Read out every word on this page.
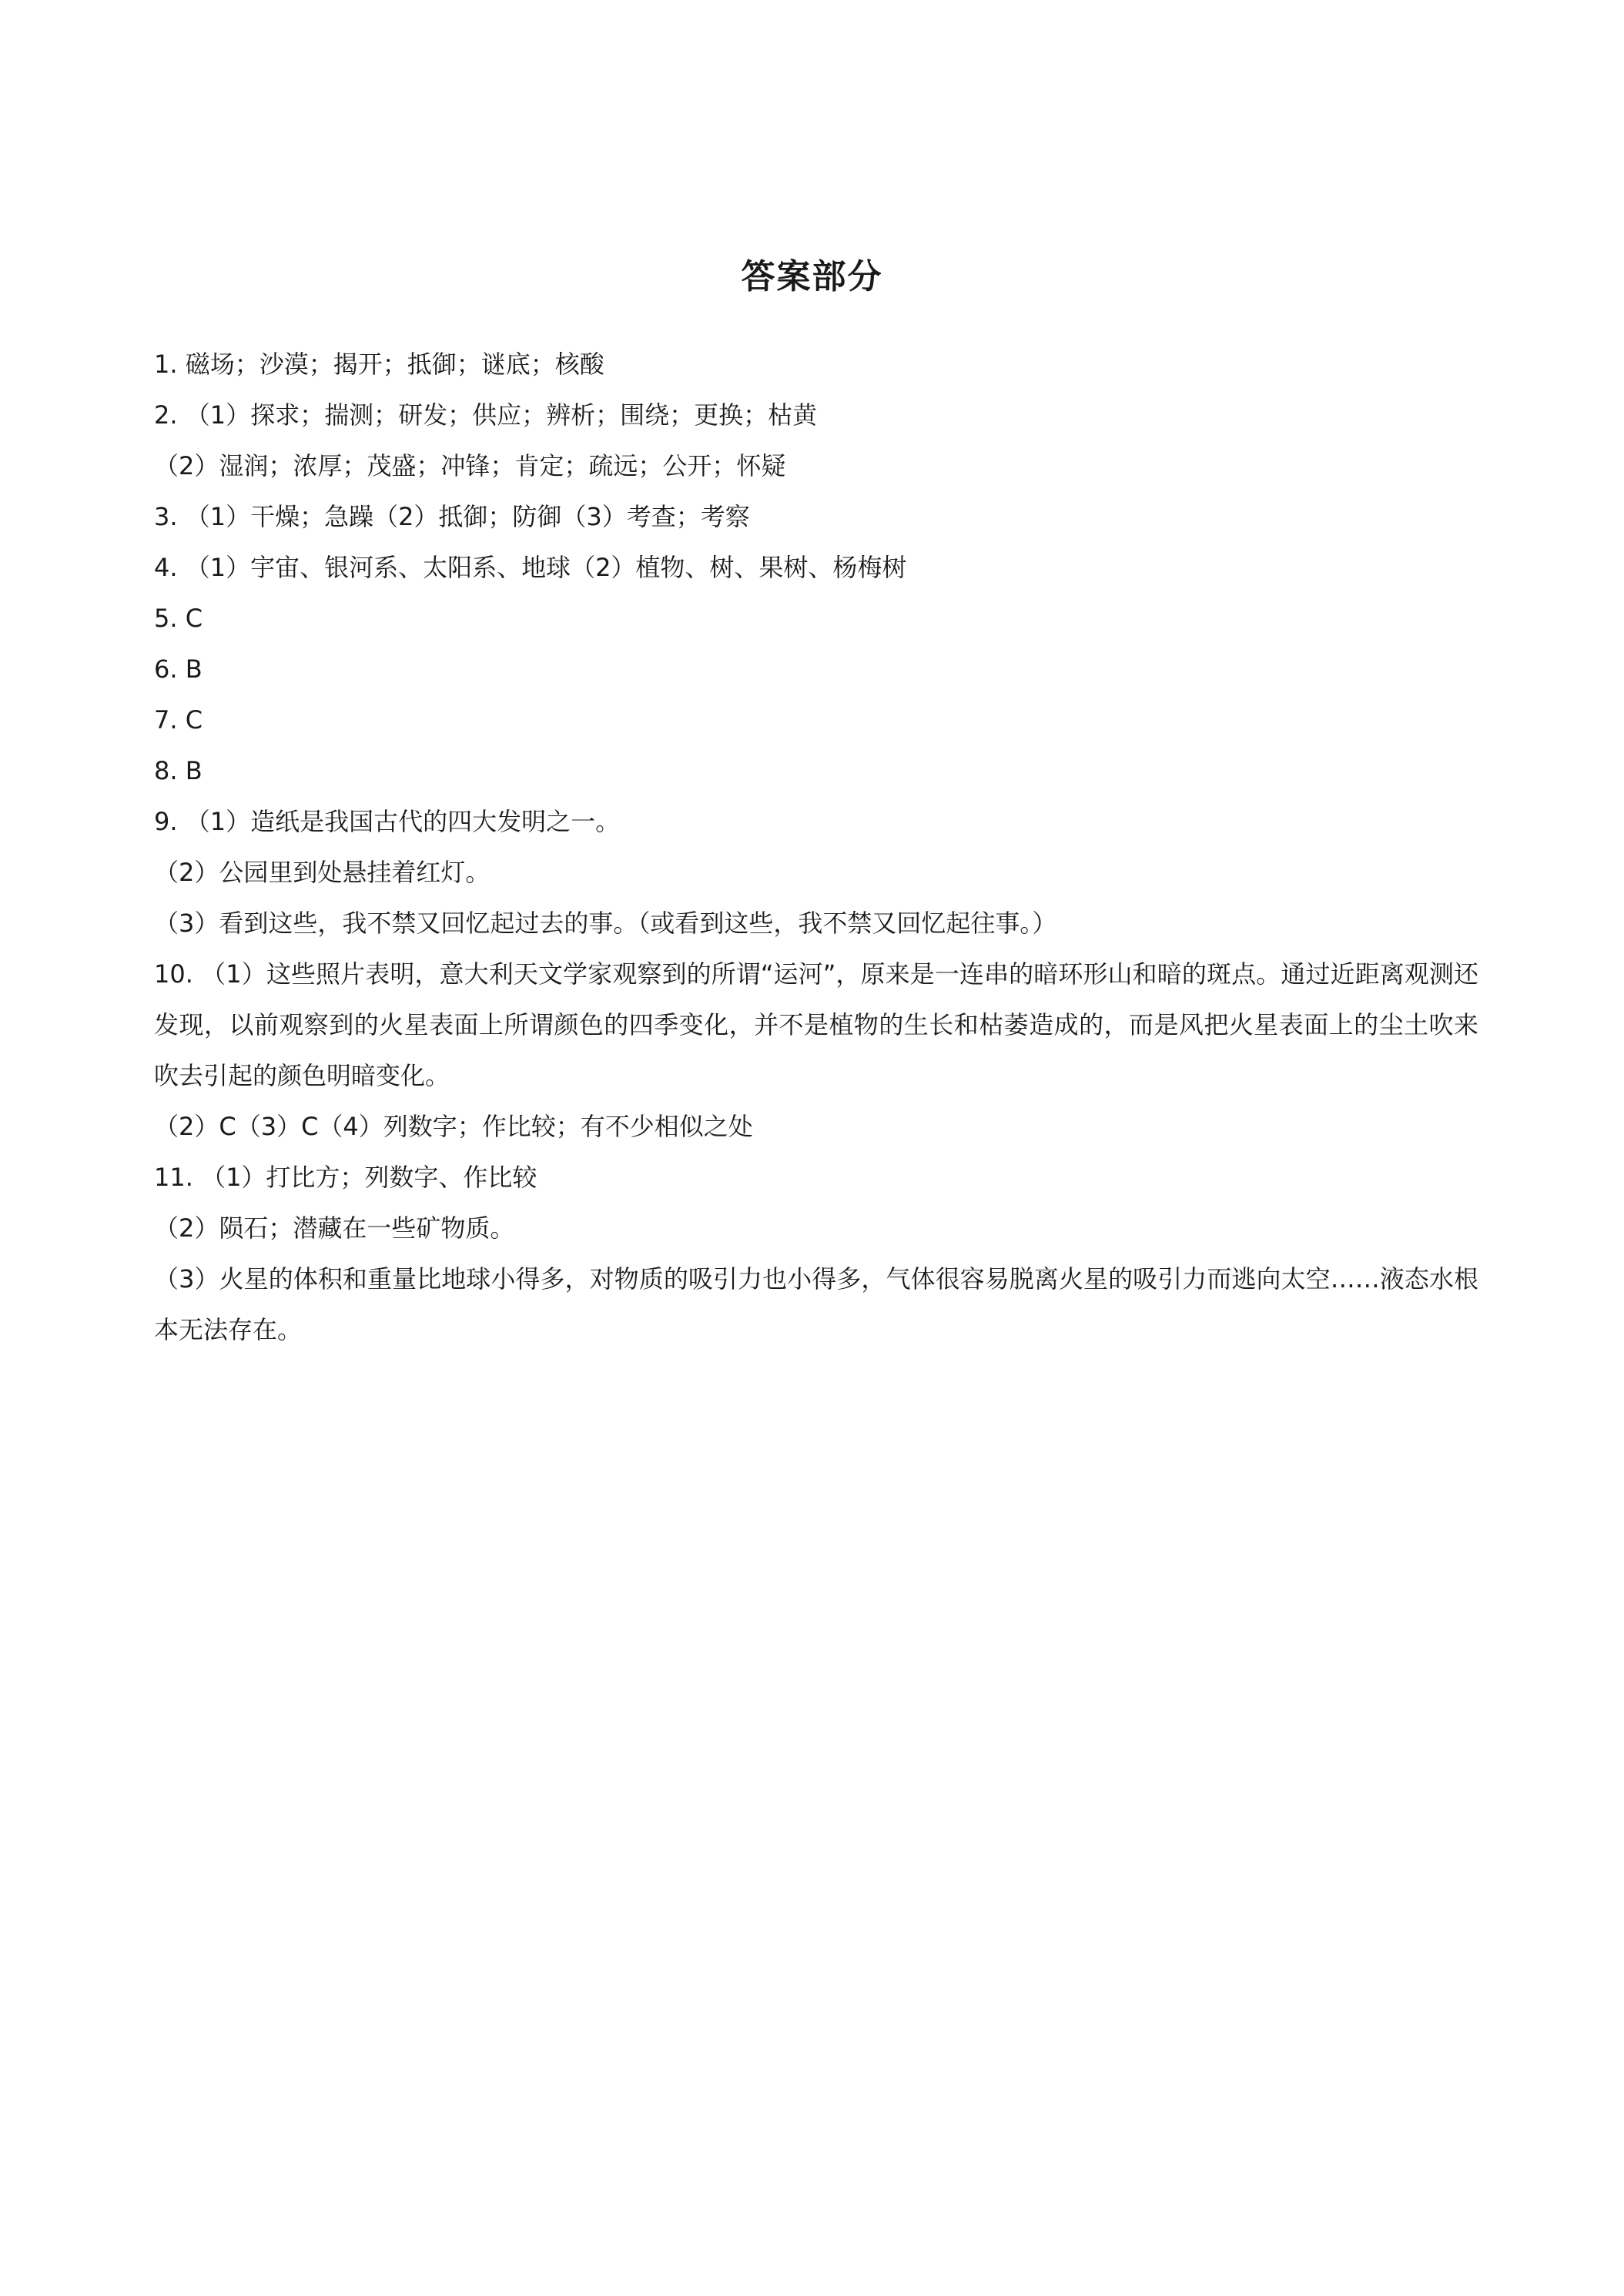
答案部分
1. 磁场；沙漠；揭开；抵御；谜底；核酸
2. （1）探求；揣测；研发；供应；辨析；围绕；更换；枯黄
（2）湿润；浓厚；茂盛；冲锋；肯定；疏远；公开；怀疑
3. （1）干燥；急躁（2）抵御；防御（3）考查；考察
4. （1）宇宙、银河系、太阳系、地球（2）植物、树、果树、杨梅树
5. C
6. B
7. C
8. B
9. （1）造纸是我国古代的四大发明之一。
（2）公园里到处悬挂着红灯。
（3）看到这些，我不禁又回忆起过去的事。（或看到这些，我不禁又回忆起往事。）
10. （1）这些照片表明，意大利天文学家观察到的所谓“运河”，原来是一连串的暗环形山和暗的斑点。通过近距离观测还发现，以前观察到的火星表面上所谓颜色的四季变化，并不是植物的生长和枯萎造成的，而是风把火星表面上的尘土吹来吹去引起的颜色明暗变化。
（2）C（3）C（4）列数字；作比较；有不少相似之处
11. （1）打比方；列数字、作比较
（2）陨石；潜藏在一些矿物质。
（3）火星的体积和重量比地球小得多，对物质的吸引力也小得多，气体很容易脱离火星的吸引力而逃向太空……液态水根本无法存在。
